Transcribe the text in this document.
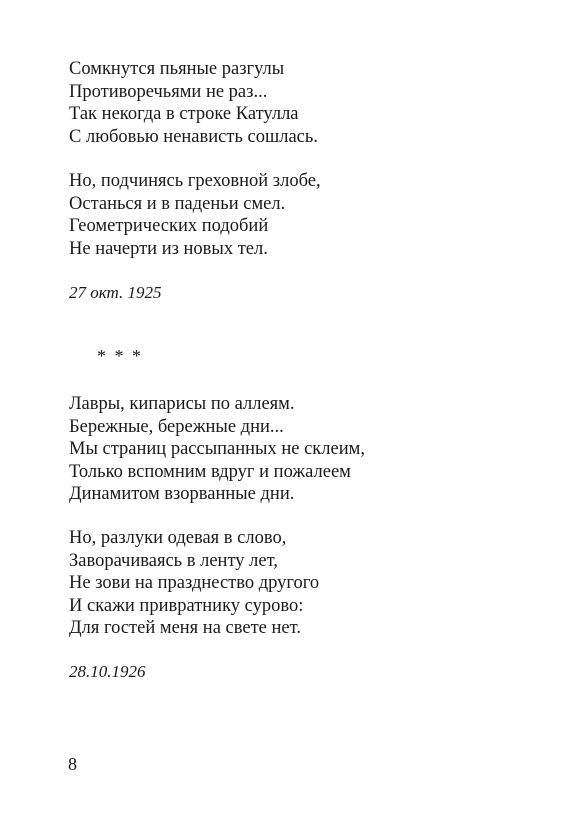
Сомкнутся пьяные разгулы
Противоречьями не раз...
Так некогда в строке Катулла
С любовью ненависть сошлась.
Но, подчинясь греховной злобе,
Останься и в паденьи смел.
Геометрических подобий
Не начерти из новых тел.
27 окт. 1925
* * *
Лавры, кипарисы по аллеям.
Бережные, бережные дни...
Мы страниц рассыпанных не склеим,
Только вспомним вдруг и пожалеем
Динамитом взорванные дни.
Но, разлуки одевая в слово,
Заворачиваясь в ленту лет,
Не зови на празднество другого
И скажи привратнику сурово:
Для гостей меня на свете нет.
28.10.1926
8
